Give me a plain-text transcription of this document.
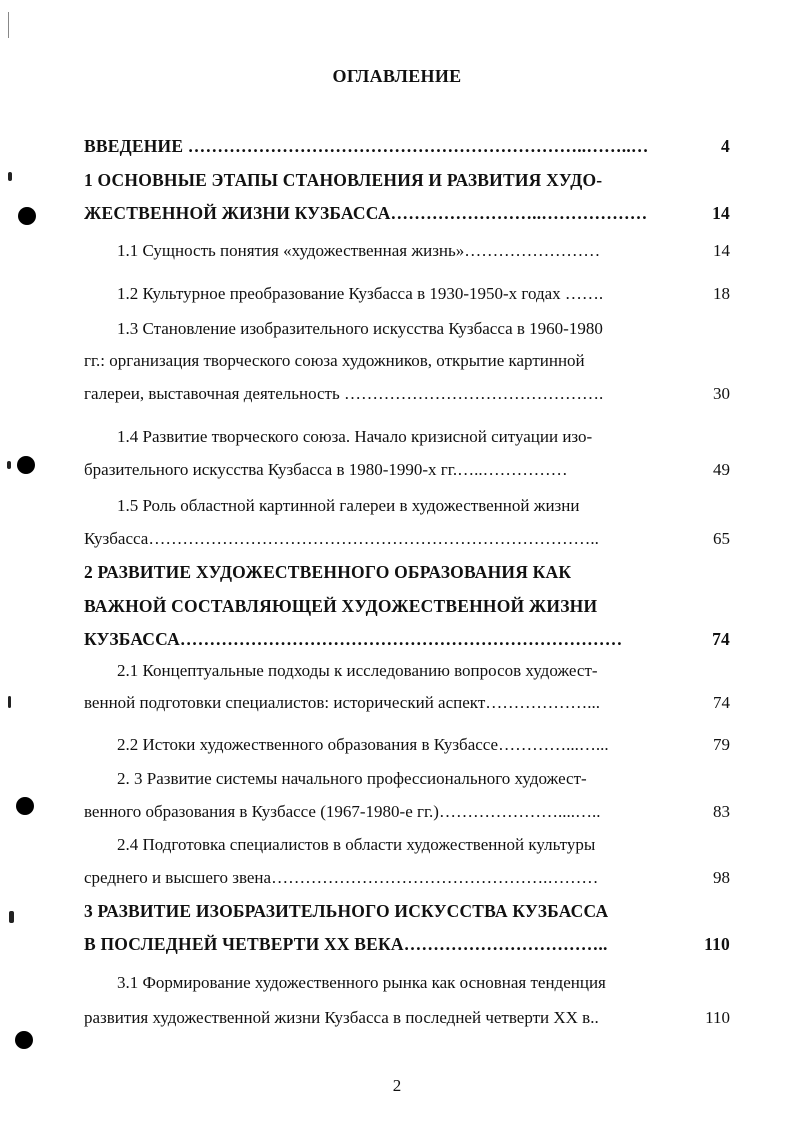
ОГЛАВЛЕНИЕ
ВВЕДЕНИЕ …………………………………………………………..……..…	4
1 ОСНОВНЫЕ ЭТАПЫ СТАНОВЛЕНИЯ И РАЗВИТИЯ ХУДО-
ЖЕСТВЕННОЙ ЖИЗНИ КУЗБАССА……………………..………………	14
1.1 Сущность понятия «художественная жизнь»……………………	14
1.2 Культурное преобразование Кузбасса в 1930-1950-х годах …….	18
1.3 Становление изобразительного искусства Кузбасса в 1960-1980
гг.: организация творческого союза художников, открытие картинной
галереи, выставочная деятельность ……………………………………….	30
1.4 Развитие творческого союза. Начало кризисной ситуации изо-
бразительного искусства Кузбасса в 1980-1990-х гг.…..……………	49
1.5 Роль областной картинной галереи в художественной жизни
Кузбасса……………………………………………………………………..	65
2 РАЗВИТИЕ ХУДОЖЕСТВЕННОГО ОБРАЗОВАНИЯ КАК
ВАЖНОЙ СОСТАВЛЯЮЩЕЙ ХУДОЖЕСТВЕННОЙ ЖИЗНИ
КУЗБАССА…………………………………………………………………	74
2.1 Концептуальные подходы к исследованию вопросов художест-
венной подготовки специалистов: исторический аспект………………...	74
2.2 Истоки художественного образования в Кузбассе…………...…...	79
2. 3 Развитие системы начального профессионального художест-
венного образования в Кузбассе (1967-1980-е гг.)…………………....…..	83
2.4 Подготовка специалистов в области художественной культуры
среднего и высшего звена………………………………………….………	98
3 РАЗВИТИЕ ИЗОБРАЗИТЕЛЬНОГО ИСКУССТВА КУЗБАССА
В ПОСЛЕДНЕЙ ЧЕТВЕРТИ XX ВЕКА……………………………..	110
3.1 Формирование художественного рынка как основная тенденция
развития художественной жизни Кузбасса в последней четверти XX в..	110
2
